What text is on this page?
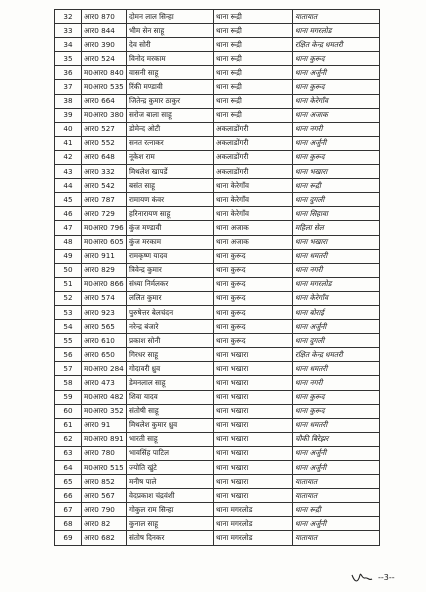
32	आर0 870	दोमन लाल सिन्हा	थाना रूद्री	यातायात
33	आर0 844	भीम सेन साहू	थाना रूद्री	थाना मगरलोड
34	आर0 390	देव सोरी	थाना रूद्री	रक्षित केन्द्र धमतरी
35	आर0 524	विनोद मरकाम	थाना रूद्री	थाना कुरूद
36	म0आर0 840	वासनी साहू	थाना रूद्री	थाना अर्जुनी
37	म0आर0 535	रिंकी मण्डावी	थाना रूद्री	थाना कुरूद
38	आर0 664	जितेन्द्र कुमार ठाकुर	थाना रूद्री	थाना केरेगाँव
39	म0आर0 380	सरोज बाला साहू	थाना रूद्री	थाना अजाक
40	आर0 527	डोमेन्द ओटी	अकलाडोंगरी	थाना नगरी
41	आर0 552	सनत रत्नाकर	अकलाडोंगरी	थाना अर्जुनी
42	आर0 648	नूकेश राम	अकलाडोंगरी	थाना कुरूद
43	आर0 332	मिथलेश खापर्डे	अकलाडोंगरी	थाना भखारा
44	आर0 542	बसंत साहू	थाना केरेगाँव	थाना रूद्री
45	आर0 787	रामायण कंवर	थाना केरेगाँव	थाना दुगली
46	आर0 729	हरिनारायण साहू	थाना केरेगाँव	थाना सिहावा
47	म0आर0 796	कुंज मण्डावी	थाना अजाक	महिला सेल
48	म0आर0 605	कुंज मरकाम	थाना अजाक	थाना भखारा
49	आर0 911	रामकृष्ण यादव	थाना कुरूद	थाना धमतरी
50	आर0 829	त्रिवेन्द्र कुमार	थाना कुरूद	थाना नगरी
51	म0आर0 866	संध्या निर्मलकर	थाना कुरूद	थाना मगरलोड
52	आर0 574	ललित कुमार	थाना कुरूद	थाना केरेगाँव
53	आर0 923	पुरुषेत्तर बेलचंदन	थाना कुरूद	थाना बोराई
54	आर0 565	नरेन्द्र बंजारे	थाना कुरूद	थाना अर्जुनी
55	आर0 610	प्रकाश सोनी	थाना कुरूद	थाना दुगली
56	आर0 650	गिरधर साहू	थाना भखारा	रक्षित केन्द्र धमतरी
57	म0आर0 284	गोदावरी ध्रुव	थाना भखारा	थाना धमतरी
58	आर0 473	डेमनलाल साहू	थाना भखारा	थाना नगरी
59	म0आर0 482	शिवा यादव	थाना भखारा	थाना कुरूद
60	म0आर0 352	संतोषी साहू	थाना भखारा	थाना कुरूद
61	आर0 91	मिथलेश कुमार ध्रुव	थाना भखारा	थाना धमतरी
62	म0आर0 891	भारती साहू	थाना भखारा	चौकी बिरेझर
63	आर0 780	भावसिंह पाटिल	थाना भखारा	थाना अर्जुनी
64	म0आर0 515	ज्योति खुंटे	थाना भखारा	थाना अर्जुनी
65	आर0 852	मनीष पाले	थाना भखारा	यातायात
66	आर0 567	वेदप्रकाश चंद्रवंशी	थाना भखारा	यातायात
67	आर0 790	गोकुल राम सिन्हा	थाना मगरलोड	थाना रूद्री
68	आर0 82	कुनाल साहू	थाना मगरलोड	थाना अर्जुनी
69	आर0 682	संतोष दिनकर	थाना मगरलोड	यातायात
--3--
